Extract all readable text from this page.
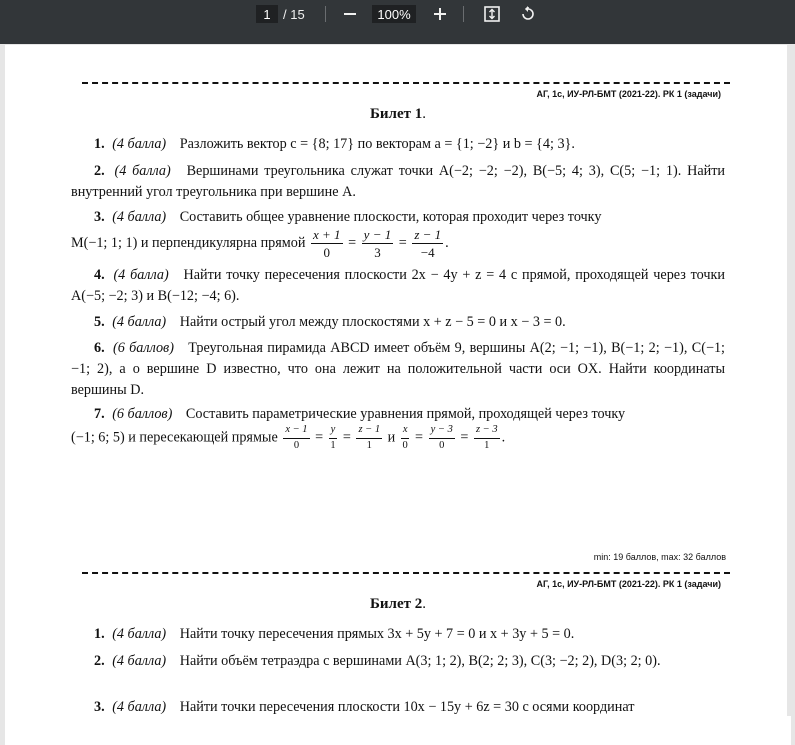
1 / 15	100%
АГ, 1с, ИУ-РЛ-БМТ (2021-22). РК 1 (задачи)
Билет 1.
1. (4 балла) Разложить вектор c = {8; 17} по векторам a = {1; −2} и b = {4; 3}.
2. (4 балла) Вершинами треугольника служат точки A(−2; −2; −2), B(−5; 4; 3), C(5; −1; 1). Найти внутренний угол треугольника при вершине A.
3. (4 балла) Составить общее уравнение плоскости, которая проходит через точку
M(−1; 1; 1) и перпендикулярна прямой $\frac{x + 1}{0} = \frac{y - 1}{3} = \frac{z - 1}{-4}$ .
4. (4 балла) Найти точку пересечения плоскости 2x − 4y + z = 4 с прямой, проходящей через точки A(−5; −2; 3) и B(−12; −4; 6).
5. (4 балла) Найти острый угол между плоскостями x + z − 5 = 0 и x − 3 = 0.
6. (6 баллов) Треугольная пирамида ABCD имеет объём 9, вершины A(2; −1; −1), B(−1; 2; −1), C(−1; −1; 2), а о вершине D известно, что она лежит на положительной части оси OX. Найти координаты вершины D.
7. (6 баллов) Составить параметрические уравнения прямой, проходящей через точку
(−1; 6; 5) и пересекающей прямые $\frac{x - 1}{0} = \frac{y}{1} = \frac{z - 1}{1}$ и $\frac{x}{0} = \frac{y - 3}{0} = \frac{z - 3}{1}$ .
min: 19 баллов, max: 32 баллов
АГ, 1с, ИУ-РЛ-БМТ (2021-22). РК 1 (задачи)
Билет 2.
1. (4 балла) Найти точку пересечения прямых 3x + 5y + 7 = 0 и x + 3y + 5 = 0.
2. (4 балла) Найти объём тетраэдра с вершинами A(3; 1; 2), B(2; 2; 3), C(3; −2; 2), D(3; 2; 0).
3. (4 балла) Найти точки пересечения плоскости 10x − 15y + 6z = 30 с осями координат
